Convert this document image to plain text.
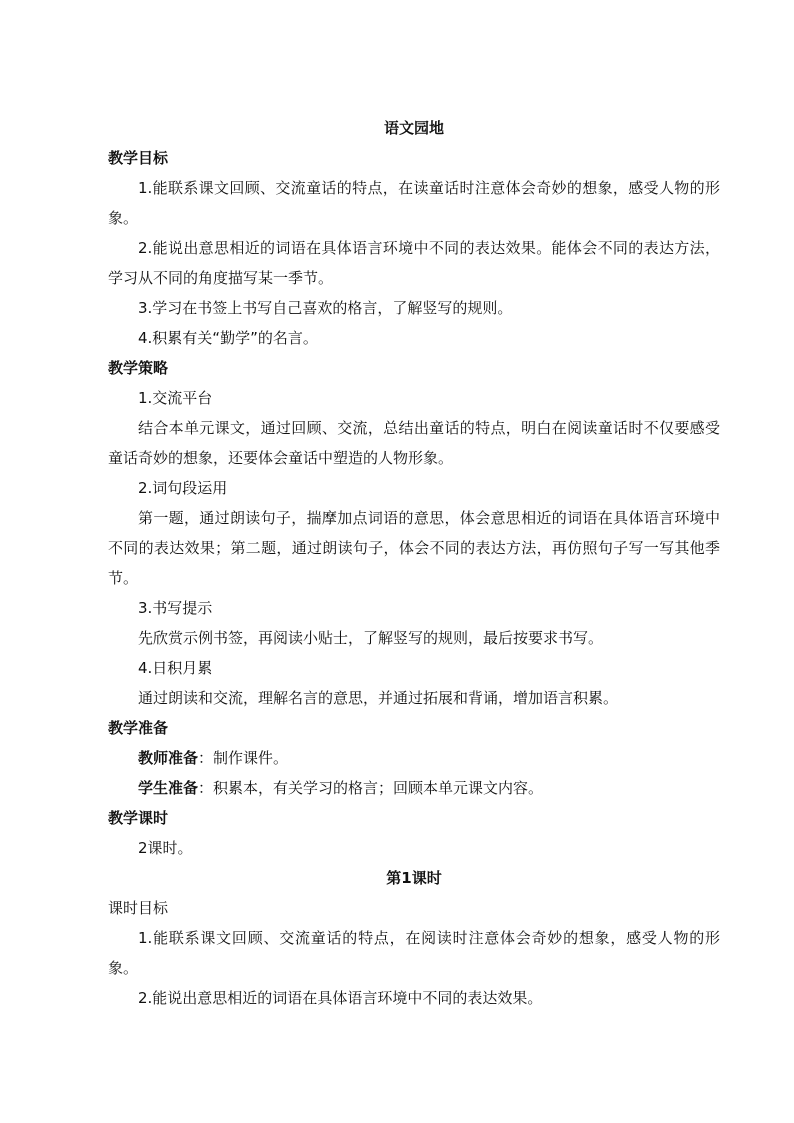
语文园地

教学目标

1.能联系课文回顾、交流童话的特点，在读童话时注意体会奇妙的想象，感受人物的形象。

2.能说出意思相近的词语在具体语言环境中不同的表达效果。能体会不同的表达方法，学习从不同的角度描写某一季节。

3.学习在书签上书写自己喜欢的格言，了解竖写的规则。

4.积累有关“勤学”的名言。

教学策略

1.交流平台

结合本单元课文，通过回顾、交流，总结出童话的特点，明白在阅读童话时不仅要感受童话奇妙的想象，还要体会童话中塑造的人物形象。

2.词句段运用

第一题，通过朗读句子，揣摩加点词语的意思，体会意思相近的词语在具体语言环境中不同的表达效果；第二题，通过朗读句子，体会不同的表达方法，再仿照句子写一写其他季节。

3.书写提示

先欣赏示例书签，再阅读小贴士，了解竖写的规则，最后按要求书写。

4.日积月累

通过朗读和交流，理解名言的意思，并通过拓展和背诵，增加语言积累。

教学准备

教师准备：制作课件。

学生准备：积累本，有关学习的格言；回顾本单元课文内容。

教学课时

2课时。

第1课时

课时目标

1.能联系课文回顾、交流童话的特点，在阅读时注意体会奇妙的想象，感受人物的形象。

2.能说出意思相近的词语在具体语言环境中不同的表达效果。
